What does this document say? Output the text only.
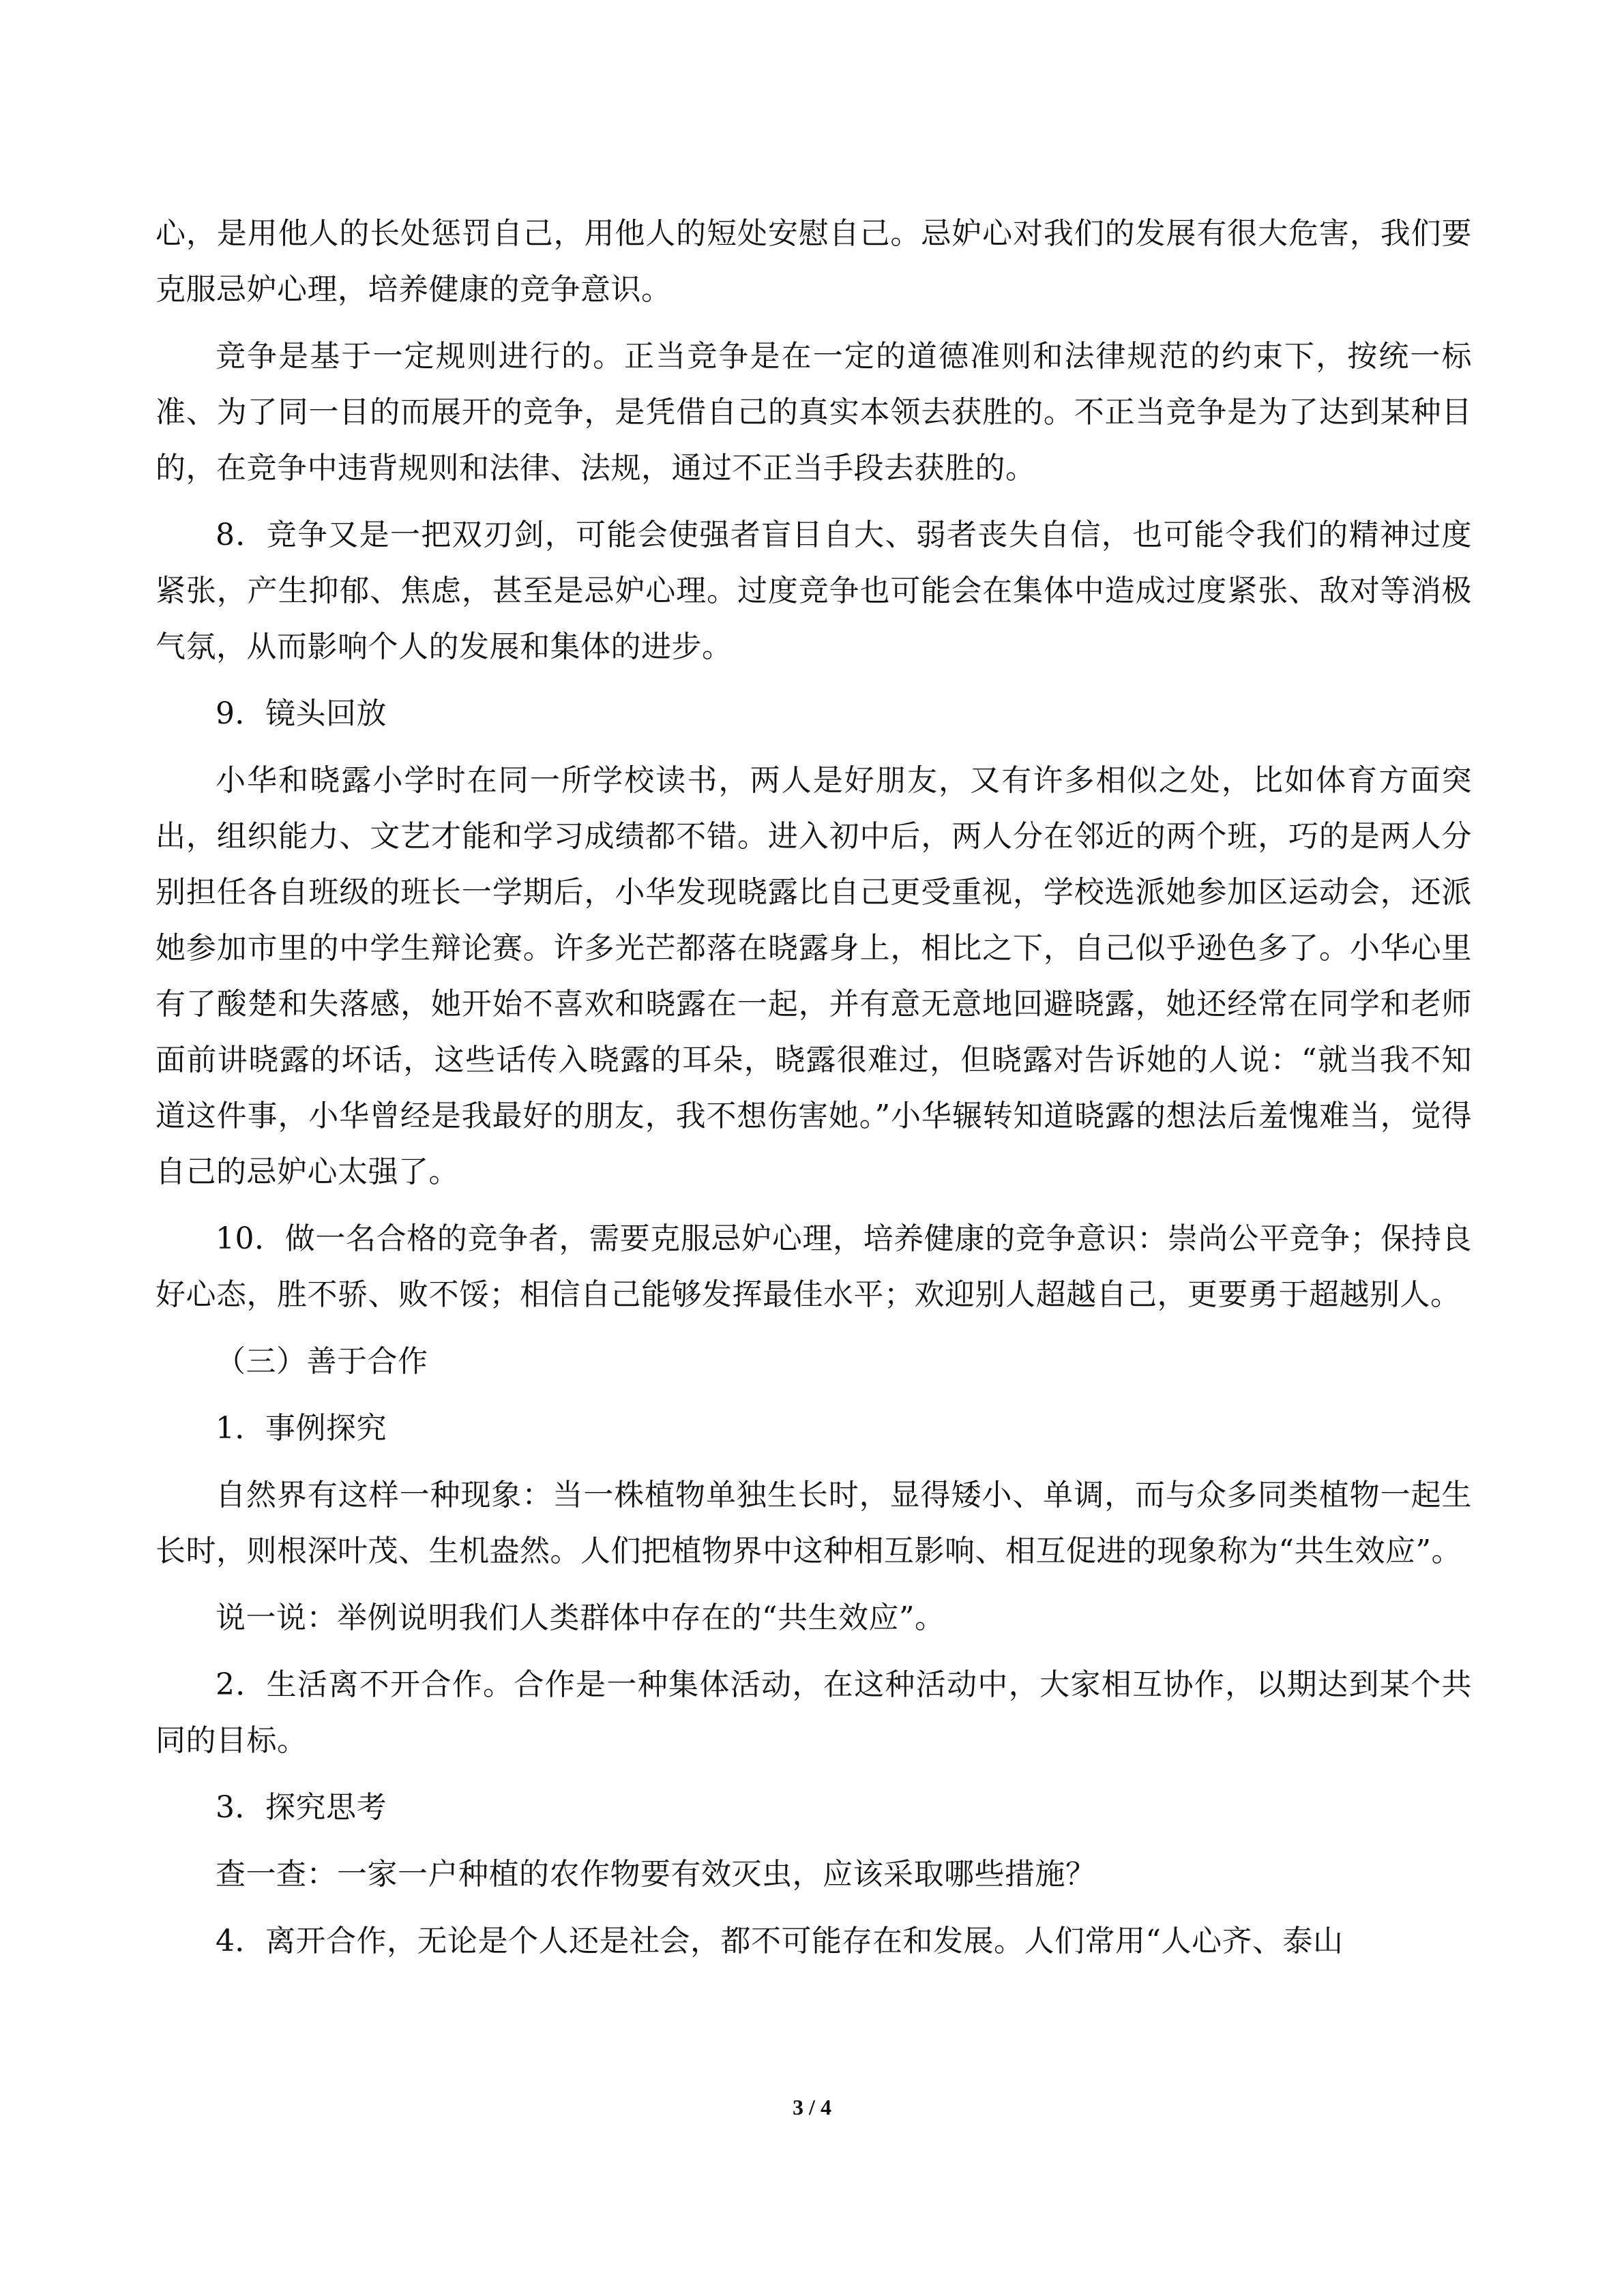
心，是用他人的长处惩罚自己，用他人的短处安慰自己。忌妒心对我们的发展有很大危害，我们要克服忌妒心理，培养健康的竞争意识。

竞争是基于一定规则进行的。正当竞争是在一定的道德准则和法律规范的约束下，按统一标准、为了同一目的而展开的竞争，是凭借自己的真实本领去获胜的。不正当竞争是为了达到某种目的，在竞争中违背规则和法律、法规，通过不正当手段去获胜的。

8．竞争又是一把双刃剑，可能会使强者盲目自大、弱者丧失自信，也可能令我们的精神过度紧张，产生抑郁、焦虑，甚至是忌妒心理。过度竞争也可能会在集体中造成过度紧张、敌对等消极气氛，从而影响个人的发展和集体的进步。

9．镜头回放

小华和晓露小学时在同一所学校读书，两人是好朋友，又有许多相似之处，比如体育方面突出，组织能力、文艺才能和学习成绩都不错。进入初中后，两人分在邻近的两个班，巧的是两人分别担任各自班级的班长一学期后，小华发现晓露比自己更受重视，学校选派她参加区运动会，还派她参加市里的中学生辩论赛。许多光芒都落在晓露身上，相比之下，自己似乎逊色多了。小华心里有了酸楚和失落感，她开始不喜欢和晓露在一起，并有意无意地回避晓露，她还经常在同学和老师面前讲晓露的坏话，这些话传入晓露的耳朵，晓露很难过，但晓露对告诉她的人说：“就当我不知道这件事，小华曾经是我最好的朋友，我不想伤害她。”小华辗转知道晓露的想法后羞愧难当，觉得自己的忌妒心太强了。

10．做一名合格的竞争者，需要克服忌妒心理，培养健康的竞争意识：崇尚公平竞争；保持良好心态，胜不骄、败不馁；相信自己能够发挥最佳水平；欢迎别人超越自己，更要勇于超越别人。

（三）善于合作

1．事例探究

自然界有这样一种现象：当一株植物单独生长时，显得矮小、单调，而与众多同类植物一起生长时，则根深叶茂、生机盎然。人们把植物界中这种相互影响、相互促进的现象称为“共生效应”。

说一说：举例说明我们人类群体中存在的“共生效应”。

2．生活离不开合作。合作是一种集体活动，在这种活动中，大家相互协作，以期达到某个共同的目标。

3．探究思考

查一查：一家一户种植的农作物要有效灭虫，应该采取哪些措施？

4．离开合作，无论是个人还是社会，都不可能存在和发展。人们常用“人心齐、泰山

3 / 4
